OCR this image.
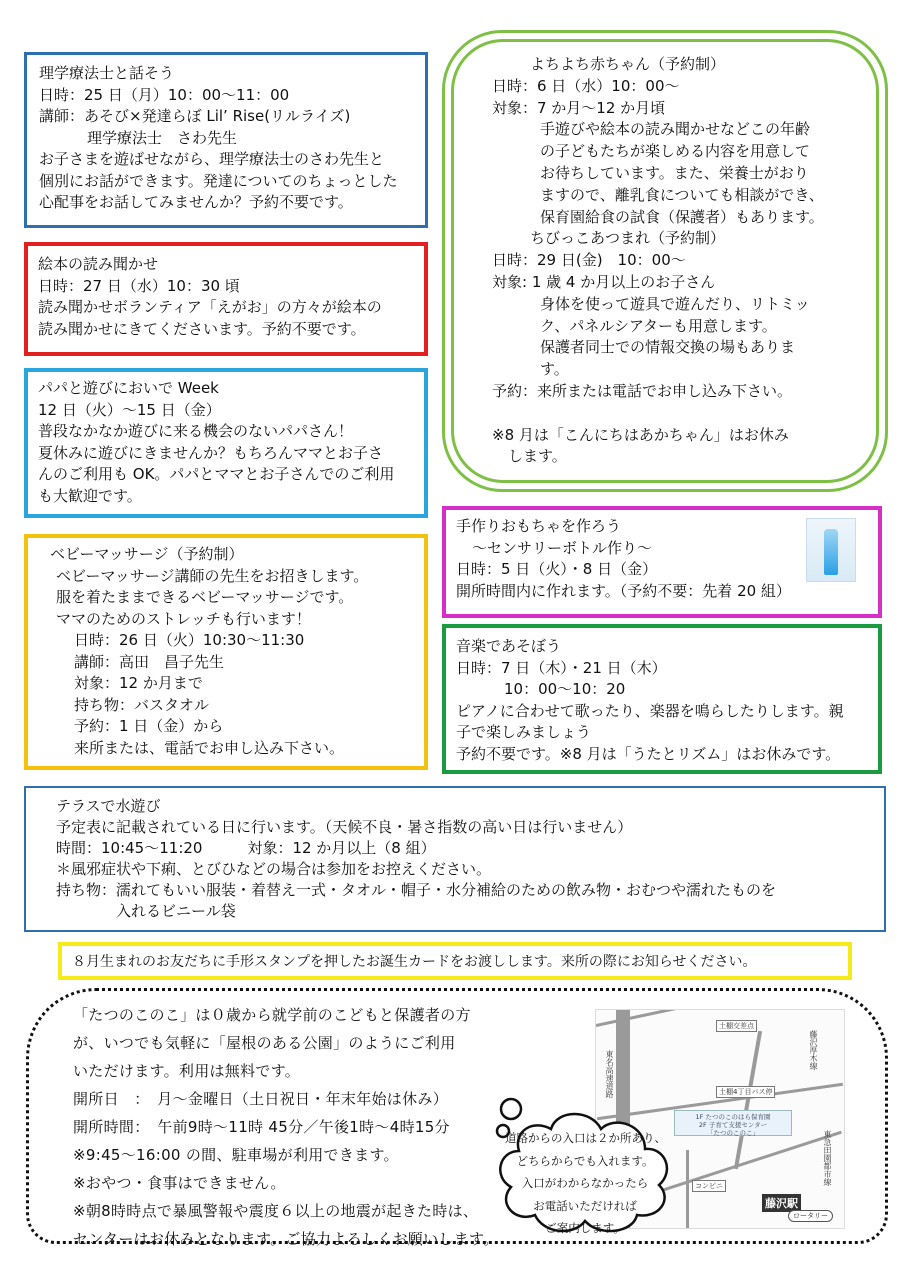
理学療法士と話そう

日時：25 日（月）10：00～11：00

講師：あそび×発達らぼ Lil’ Rise(リルライズ)

理学療法士　さわ先生

お子さまを遊ばせながら、理学療法士のさわ先生と

個別にお話ができます。発達についてのちょっとした

心配事をお話してみませんか？予約不要です。

絵本の読み聞かせ

日時：27 日（水）10：30 頃

読み聞かせボランティア「えがお」の方々が絵本の

読み聞かせにきてくださいます。予約不要です。

パパと遊びにおいで Week

12 日（火）～15 日（金）

普段なかなか遊びに来る機会のないパパさん！

夏休みに遊びにきませんか？もちろんママとお子さ

んのご利用も OK。パパとママとお子さんでのご利用

も大歓迎です。

ベビーマッサージ（予約制）

ベビーマッサージ講師の先生をお招きします。

服を着たままできるベビーマッサージです。

ママのためのストレッチも行います！

日時：26 日（火）10:30～11:30

講師：高田　昌子先生

対象：12 か月まで

持ち物：バスタオル

予約：1 日（金）から

来所または、電話でお申し込み下さい。

よちよち赤ちゃん（予約制）

日時：6 日（水）10：00～

対象：7 か月～12 か月頃

手遊びや絵本の読み聞かせなどこの年齢

の子どもたちが楽しめる内容を用意して

お待ちしています。また、栄養士がおり

ますので、離乳食についても相談ができ、

保育園給食の試食（保護者）もあります。

ちびっこあつまれ（予約制）

日時：29 日(金)　10：00～

対象: 1 歳 4 か月以上のお子さん

身体を使って遊具で遊んだり、リトミッ

ク、パネルシアターも用意します。

保護者同士での情報交換の場もありま

す。

予約：来所または電話でお申し込み下さい。

※8 月は「こんにちはあかちゃん」はお休み

します。

手作りおもちゃを作ろう

～センサリーボトル作り～

日時：5 日（火）・8 日（金）

開所時間内に作れます。（予約不要：先着 20 組）

音楽であそぼう

日時：7 日（木）・21 日（木）

10：00～10：20

ピアノに合わせて歌ったり、楽器を鳴らしたりします。親

子で楽しみましょう

予約不要です。※8 月は「うたとリズム」はお休みです。

テラスで水遊び

予定表に記載されている日に行います。（天候不良・暑さ指数の高い日は行いません）

時間：10:45～11:20　　　対象：12 か月以上（8 組）

＊風邪症状や下痢、とびひなどの場合は参加をお控えください。

持ち物：濡れてもいい服装・着替え一式・タオル・帽子・水分補給のための飲み物・おむつや濡れたものを

入れるビニール袋

８月生まれのお友だちに手形スタンプを押したお誕生カードをお渡しします。来所の際にお知らせください。

「たつのこのこ」は０歳から就学前のこどもと保護者の方

が、いつでも気軽に「屋根のある公園」のようにご利用

いただけます。利用は無料です。

開所日　：　月～金曜日（土日祝日・年末年始は休み）

開所時間：　午前9時～11時 45分／午後1時～4時15分

※9:45～16:00 の間、駐車場が利用できます。

※おやつ・食事はできません。

※朝8時時点で暴風警報や震度６以上の地震が起きた時は、

センターはお休みとなります。ご協力よろしくお願いします。

土棚交差点
土棚4丁目バス停
東名高速道路	藤沢厚木線
1F たつのこのはら保育園
2F 子育て支援センター
「たつのこのこ」
コンビニ	東急田園都市線
藤沢駅
ロータリー

道路からの入口は２か所あり、

どちらからでも入れます。

入口がわからなかったら

お電話いただければ

ご案内します。
